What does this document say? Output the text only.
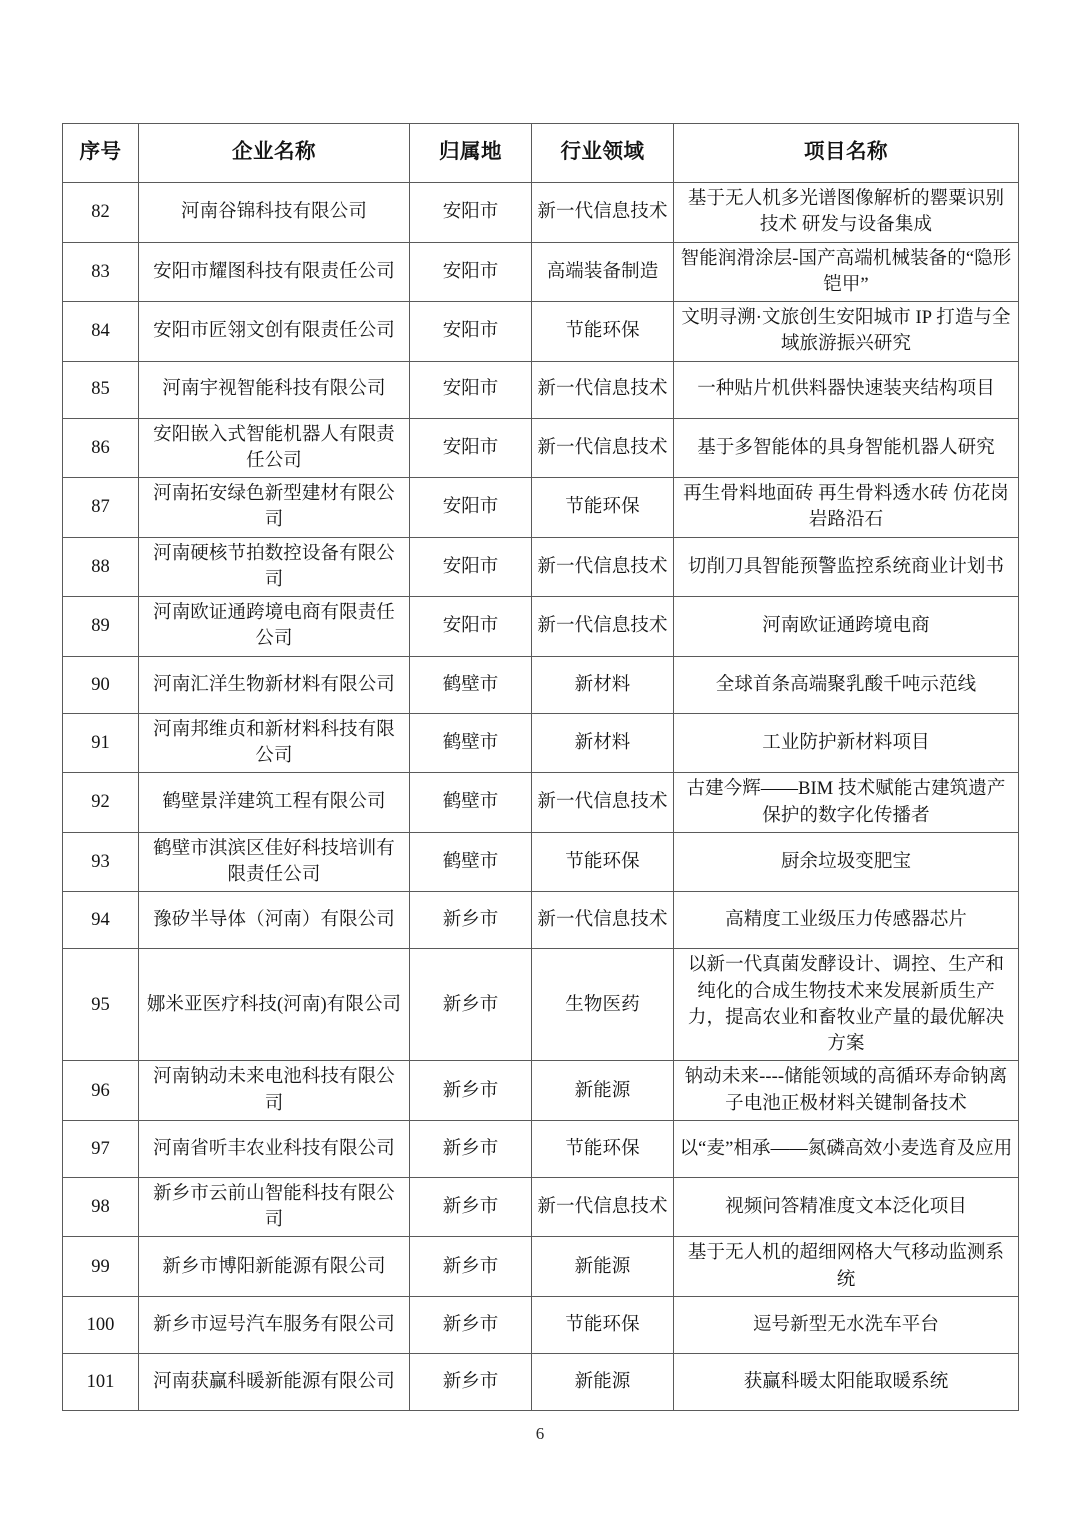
序号	企业名称	归属地	行业领域	项目名称
82	河南谷锦科技有限公司	安阳市	新一代信息技术	基于无人机多光谱图像解析的罂粟识别技术 研发与设备集成
83	安阳市耀图科技有限责任公司	安阳市	高端装备制造	智能润滑涂层-国产高端机械装备的“隐形铠甲”
84	安阳市匠翎文创有限责任公司	安阳市	节能环保	文明寻溯·文旅创生安阳城市 IP 打造与全域旅游振兴研究
85	河南宇视智能科技有限公司	安阳市	新一代信息技术	一种贴片机供料器快速装夹结构项目
86	安阳嵌入式智能机器人有限责任公司	安阳市	新一代信息技术	基于多智能体的具身智能机器人研究
87	河南拓安绿色新型建材有限公司	安阳市	节能环保	再生骨料地面砖 再生骨料透水砖 仿花岗岩路沿石
88	河南硬核节拍数控设备有限公司	安阳市	新一代信息技术	切削刀具智能预警监控系统商业计划书
89	河南欧证通跨境电商有限责任公司	安阳市	新一代信息技术	河南欧证通跨境电商
90	河南汇洋生物新材料有限公司	鹤壁市	新材料	全球首条高端聚乳酸千吨示范线
91	河南邦维贞和新材料科技有限公司	鹤壁市	新材料	工业防护新材料项目
92	鹤壁景洋建筑工程有限公司	鹤壁市	新一代信息技术	古建今辉——BIM 技术赋能古建筑遗产保护的数字化传播者
93	鹤壁市淇滨区佳好科技培训有限责任公司	鹤壁市	节能环保	厨余垃圾变肥宝
94	豫矽半导体（河南）有限公司	新乡市	新一代信息技术	高精度工业级压力传感器芯片
95	娜米亚医疗科技(河南)有限公司	新乡市	生物医药	以新一代真菌发酵设计、调控、生产和纯化的合成生物技术来发展新质生产力，提高农业和畜牧业产量的最优解决方案
96	河南钠动未来电池科技有限公司	新乡市	新能源	钠动未来----储能领域的高循环寿命钠离子电池正极材料关键制备技术
97	河南省听丰农业科技有限公司	新乡市	节能环保	以“麦”相承——氮磷高效小麦选育及应用
98	新乡市云前山智能科技有限公司	新乡市	新一代信息技术	视频问答精准度文本泛化项目
99	新乡市博阳新能源有限公司	新乡市	新能源	基于无人机的超细网格大气移动监测系统
100	新乡市逗号汽车服务有限公司	新乡市	节能环保	逗号新型无水洗车平台
101	河南获赢科暖新能源有限公司	新乡市	新能源	获赢科暖太阳能取暖系统
6
